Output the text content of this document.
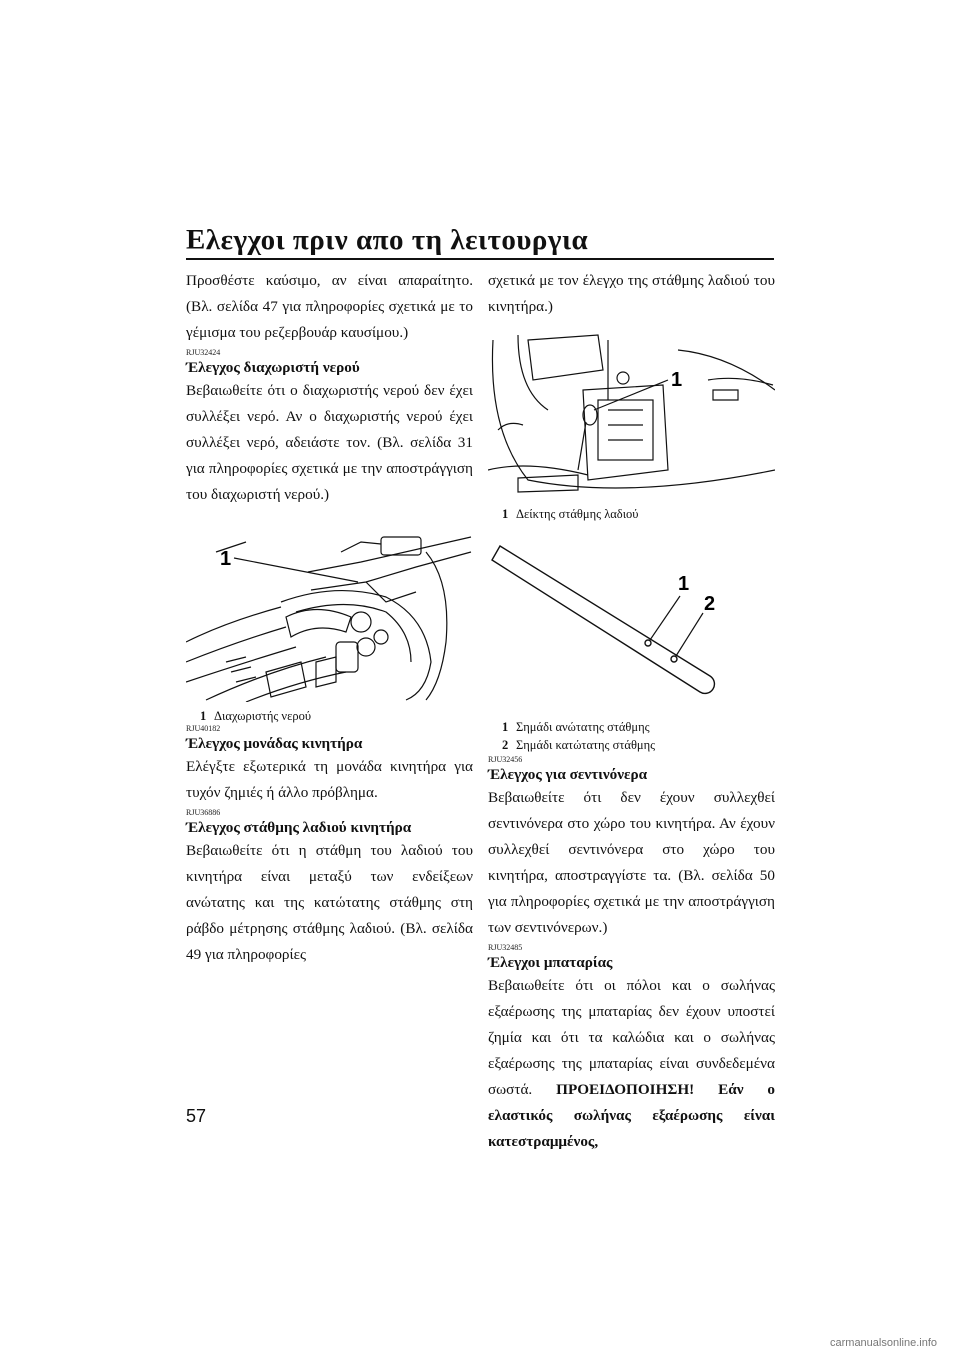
Ελεγχοι πριν απο τη λειτουργια

Προσθέστε καύσιμο, αν είναι απαραίτητο. (Βλ. σελίδα 47 για πληροφορίες σχετικά με το γέμισμα του ρεζερβουάρ καυσίμου.)

RJU32424
Έλεγχος διαχωριστή νερού

Βεβαιωθείτε ότι ο διαχωριστής νερού δεν έχει συλλέξει νερό. Αν ο διαχωριστής νερού έχει συλλέξει νερό, αδειάστε τον. (Βλ. σελίδα 31 για πληροφορίες σχετικά με την αποστράγγιση του διαχωριστή νερού.)

1
1 Διαχωριστής νερού
RJU40182
Έλεγχος μονάδας κινητήρα

Ελέγξτε εξωτερικά τη μονάδα κινητήρα για τυχόν ζημιές ή άλλο πρόβλημα.

RJU36886
Έλεγχος στάθμης λαδιού κινητήρα

Βεβαιωθείτε ότι η στάθμη του λαδιού του κινητήρα είναι μεταξύ των ενδείξεων ανώτατης και της κατώτατης στάθμης στη ράβδο μέτρησης στάθμης λαδιού. (Βλ. σελίδα 49 για πληροφορίες

σχετικά με τον έλεγχο της στάθμης λαδιού του κινητήρα.)

1
1 Δείκτης στάθμης λαδιού
1
2
1 Σημάδι ανώτατης στάθμης
2 Σημάδι κατώτατης στάθμης
RJU32456
Έλεγχος για σεντινόνερα

Βεβαιωθείτε ότι δεν έχουν συλλεχθεί σεντινόνερα στο χώρο του κινητήρα. Αν έχουν συλλεχθεί σεντινόνερα στο χώρο του κινητήρα, αποστραγγίστε τα. (Βλ. σελίδα 50 για πληροφορίες σχετικά με την αποστράγγιση των σεντινόνερων.)

RJU32485
Έλεγχοι μπαταρίας

Βεβαιωθείτε ότι οι πόλοι και ο σωλήνας εξαέρωσης της μπαταρίας δεν έχουν υποστεί ζημία και ότι τα καλώδια και ο σωλήνας εξαέρωσης της μπαταρίας είναι συνδεδεμένα σωστά. ΠΡΟΕΙΔΟΠΟΙΗΣΗ! Εάν ο ελαστικός σωλήνας εξαέρωσης είναι κατεστραμμένος,

57
carmanualsonline.info
